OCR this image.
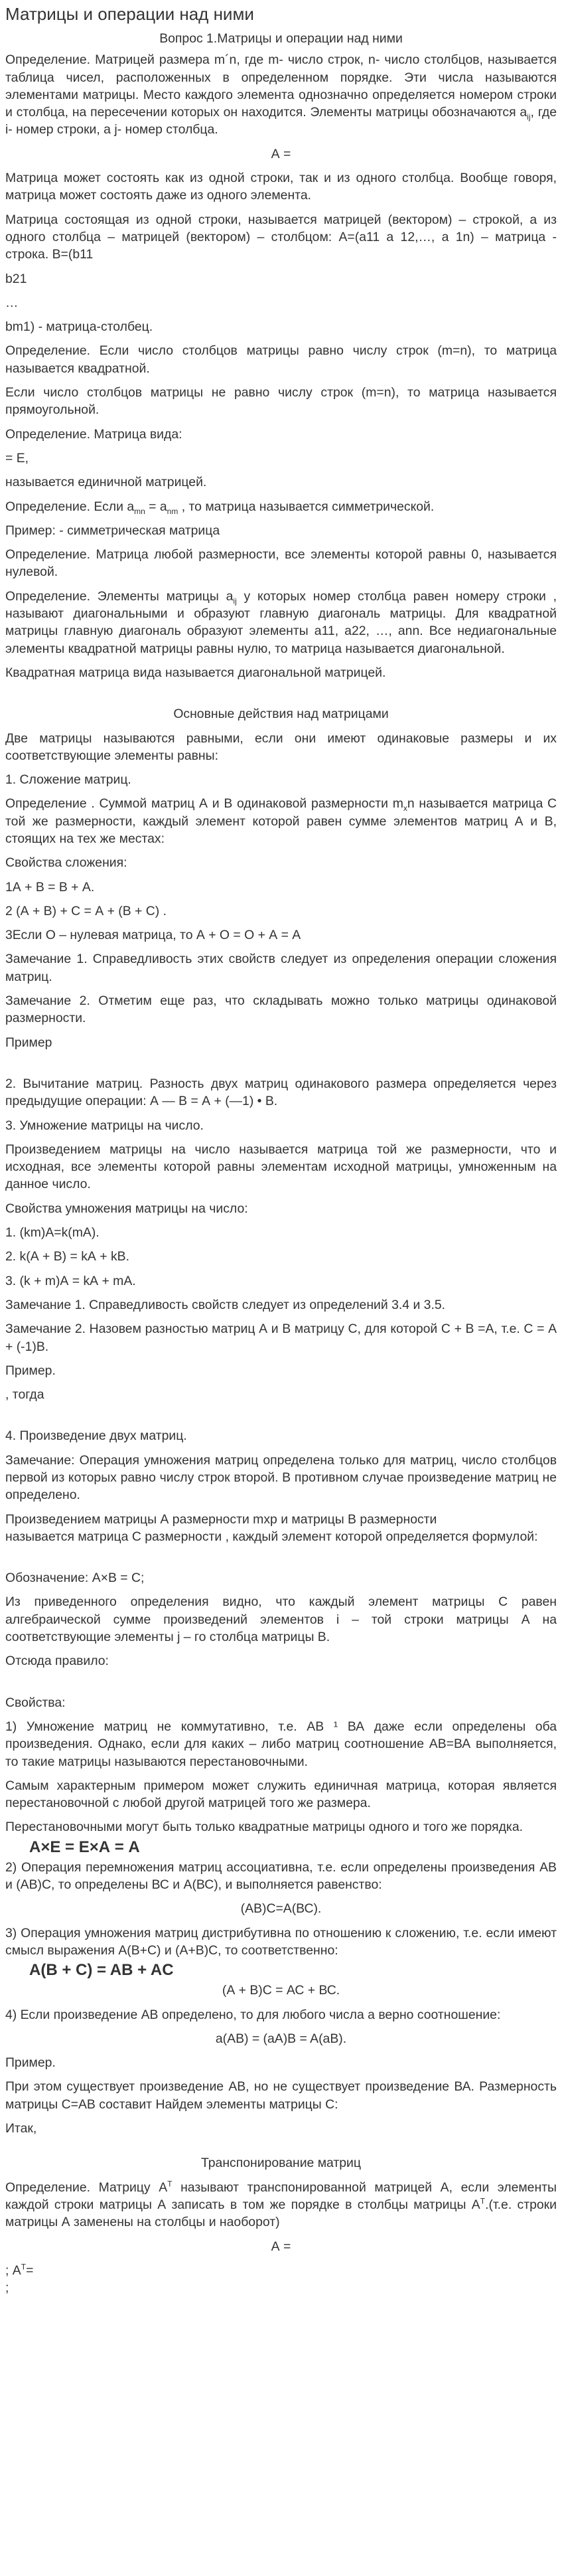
Матрицы и операции над ними

Вопрос 1.Матрицы и операции над ними

Определение. Матрицей размера m´n, где m- число строк, n- число столбцов, называется таблица чисел, расположенных в определенном порядке. Эти числа называются элементами матрицы. Место каждого элемента однозначно определяется номером строки и столбца, на пересечении которых он находится. Элементы матрицы обозначаются $a_{ij}$, где i- номер строки, а j- номер столбца.

А =

Матрица может состоять как из одной строки, так и из одного столбца. Вообще говоря, матрица может состоять даже из одного элемента.

Матрица состоящая из одной строки, называется матрицей (вектором) – строкой, а из одного столбца – матрицей (вектором) – столбцом: А=(а11 а 12,…, а 1n) – матрица - строка. В=(b11

b21

…

bm1) - матрица-столбец.

Определение. Если число столбцов матрицы равно числу строк (m=n), то матрица называется квадратной.

Если число столбцов матрицы не равно числу строк (m=n), то матрица называется прямоугольной.

Определение. Матрица вида:

= E,

называется единичной матрицей.

Определение. Если $a_{mn} = a_{nm}$ , то матрица называется симметрической.

Пример: - симметрическая матрица

Определение. Матрица любой размерности, все элементы которой равны 0, называется нулевой.

Определение. Элементы матрицы $a_{ij}$ у которых номер столбца равен номеру строки , называют диагональными и образуют главную диагональ матрицы. Для квадратной матрицы главную диагональ образуют элементы а11, а22, …, аnn. Все недиагональные элементы квадратной матрицы равны нулю, то матрица называется диагональной.

Квадратная матрица вида называется диагональной матрицей.

Основные действия над матрицами

Две матрицы называются равными, если они имеют одинаковые размеры и их соответствующие элементы равны:

1. Сложение матриц.

Определение . Суммой матриц А и В одинаковой размерности $m_xn$ называется матрица С той же размерности, каждый элемент которой равен сумме элементов матриц А и В, стоящих на тех же местах:

Свойства сложения:

1А + В = В + А.

2 (А + В) + С = А + (В + С) .

3Если О – нулевая матрица, то А + О = О + А = А

Замечание 1. Справедливость этих свойств следует из определения операции сложения матриц.

Замечание 2. Отметим еще раз, что складывать можно только матрицы одинаковой размерности.

Пример

2. Вычитание матриц. Разность двух матриц одинакового размера определяется через предыдущие операции: А — В = А + (—1) • В.

3. Умножение матрицы на число.

Произведением матрицы на число называется матрица той же размерности, что и исходная, все элементы которой равны элементам исходной матрицы, умноженным на данное число.

Свойства умножения матрицы на число:

1. (km)А=k(mА).

2. k(А + В) = kА + kВ.

3. (k + m)А = kА + mА.

Замечание 1. Справедливость свойств следует из определений 3.4 и 3.5.

Замечание 2. Назовем разностью матриц А и В матрицу С, для которой С + В =А, т.е. С = А + (-1)В.

Пример.

, тогда

4. Произведение двух матриц.

Замечание: Операция умножения матриц определена только для матриц, число столбцов первой из которых равно числу строк второй. В противном случае произведение матриц не определено.

Произведением матрицы А размерности mxp и матрицы В размерности

называется матрица С размерности , каждый элемент которой определяется формулой:

Обозначение: А×В = С;

Из приведенного определения видно, что каждый элемент матрицы С равен алгебраической сумме произведений элементов i – той строки матрицы А на соответствующие элементы j – го столбца матрицы В.

Отсюда правило:

Свойства:

1) Умножение матриц не коммутативно, т.е. АВ ¹ ВА даже если определены оба произведения. Однако, если для каких – либо матриц соотношение АВ=ВА выполняется, то такие матрицы называются перестановочными.

Самым характерным примером может служить единичная матрица, которая является перестановочной с любой другой матрицей того же размера.

Перестановочными могут быть только квадратные матрицы одного и того же порядка.

А×Е = Е×А = А

2) Операция перемножения матриц ассоциативна, т.е. если определены произведения АВ и (АВ)С, то определены ВС и А(ВС), и выполняется равенство:

(АВ)С=А(ВС).

3) Операция умножения матриц дистрибутивна по отношению к сложению, т.е. если имеют смысл выражения А(В+С) и (А+В)С, то соответственно:

A(B + C) = AB + AC

(А + В)С = АС + ВС.

4) Если произведение АВ определено, то для любого числа a верно соотношение:

a(AB) = (aA)B = A(aB).

Пример.

При этом существует произведение АВ, но не существует произведение ВА. Размерность матрицы С=АВ составит Найдем элементы матрицы С:

Итак,

Транспонирование матриц

Определение. Матрицу $А^Т$ называют транспонированной матрицей А, если элементы каждой строки матрицы А записать в том же порядке в столбцы матрицы $А^Т.(т.е$. строки матрицы А заменены на столбцы и наоборот)

А =

; $А^Т=$

;
